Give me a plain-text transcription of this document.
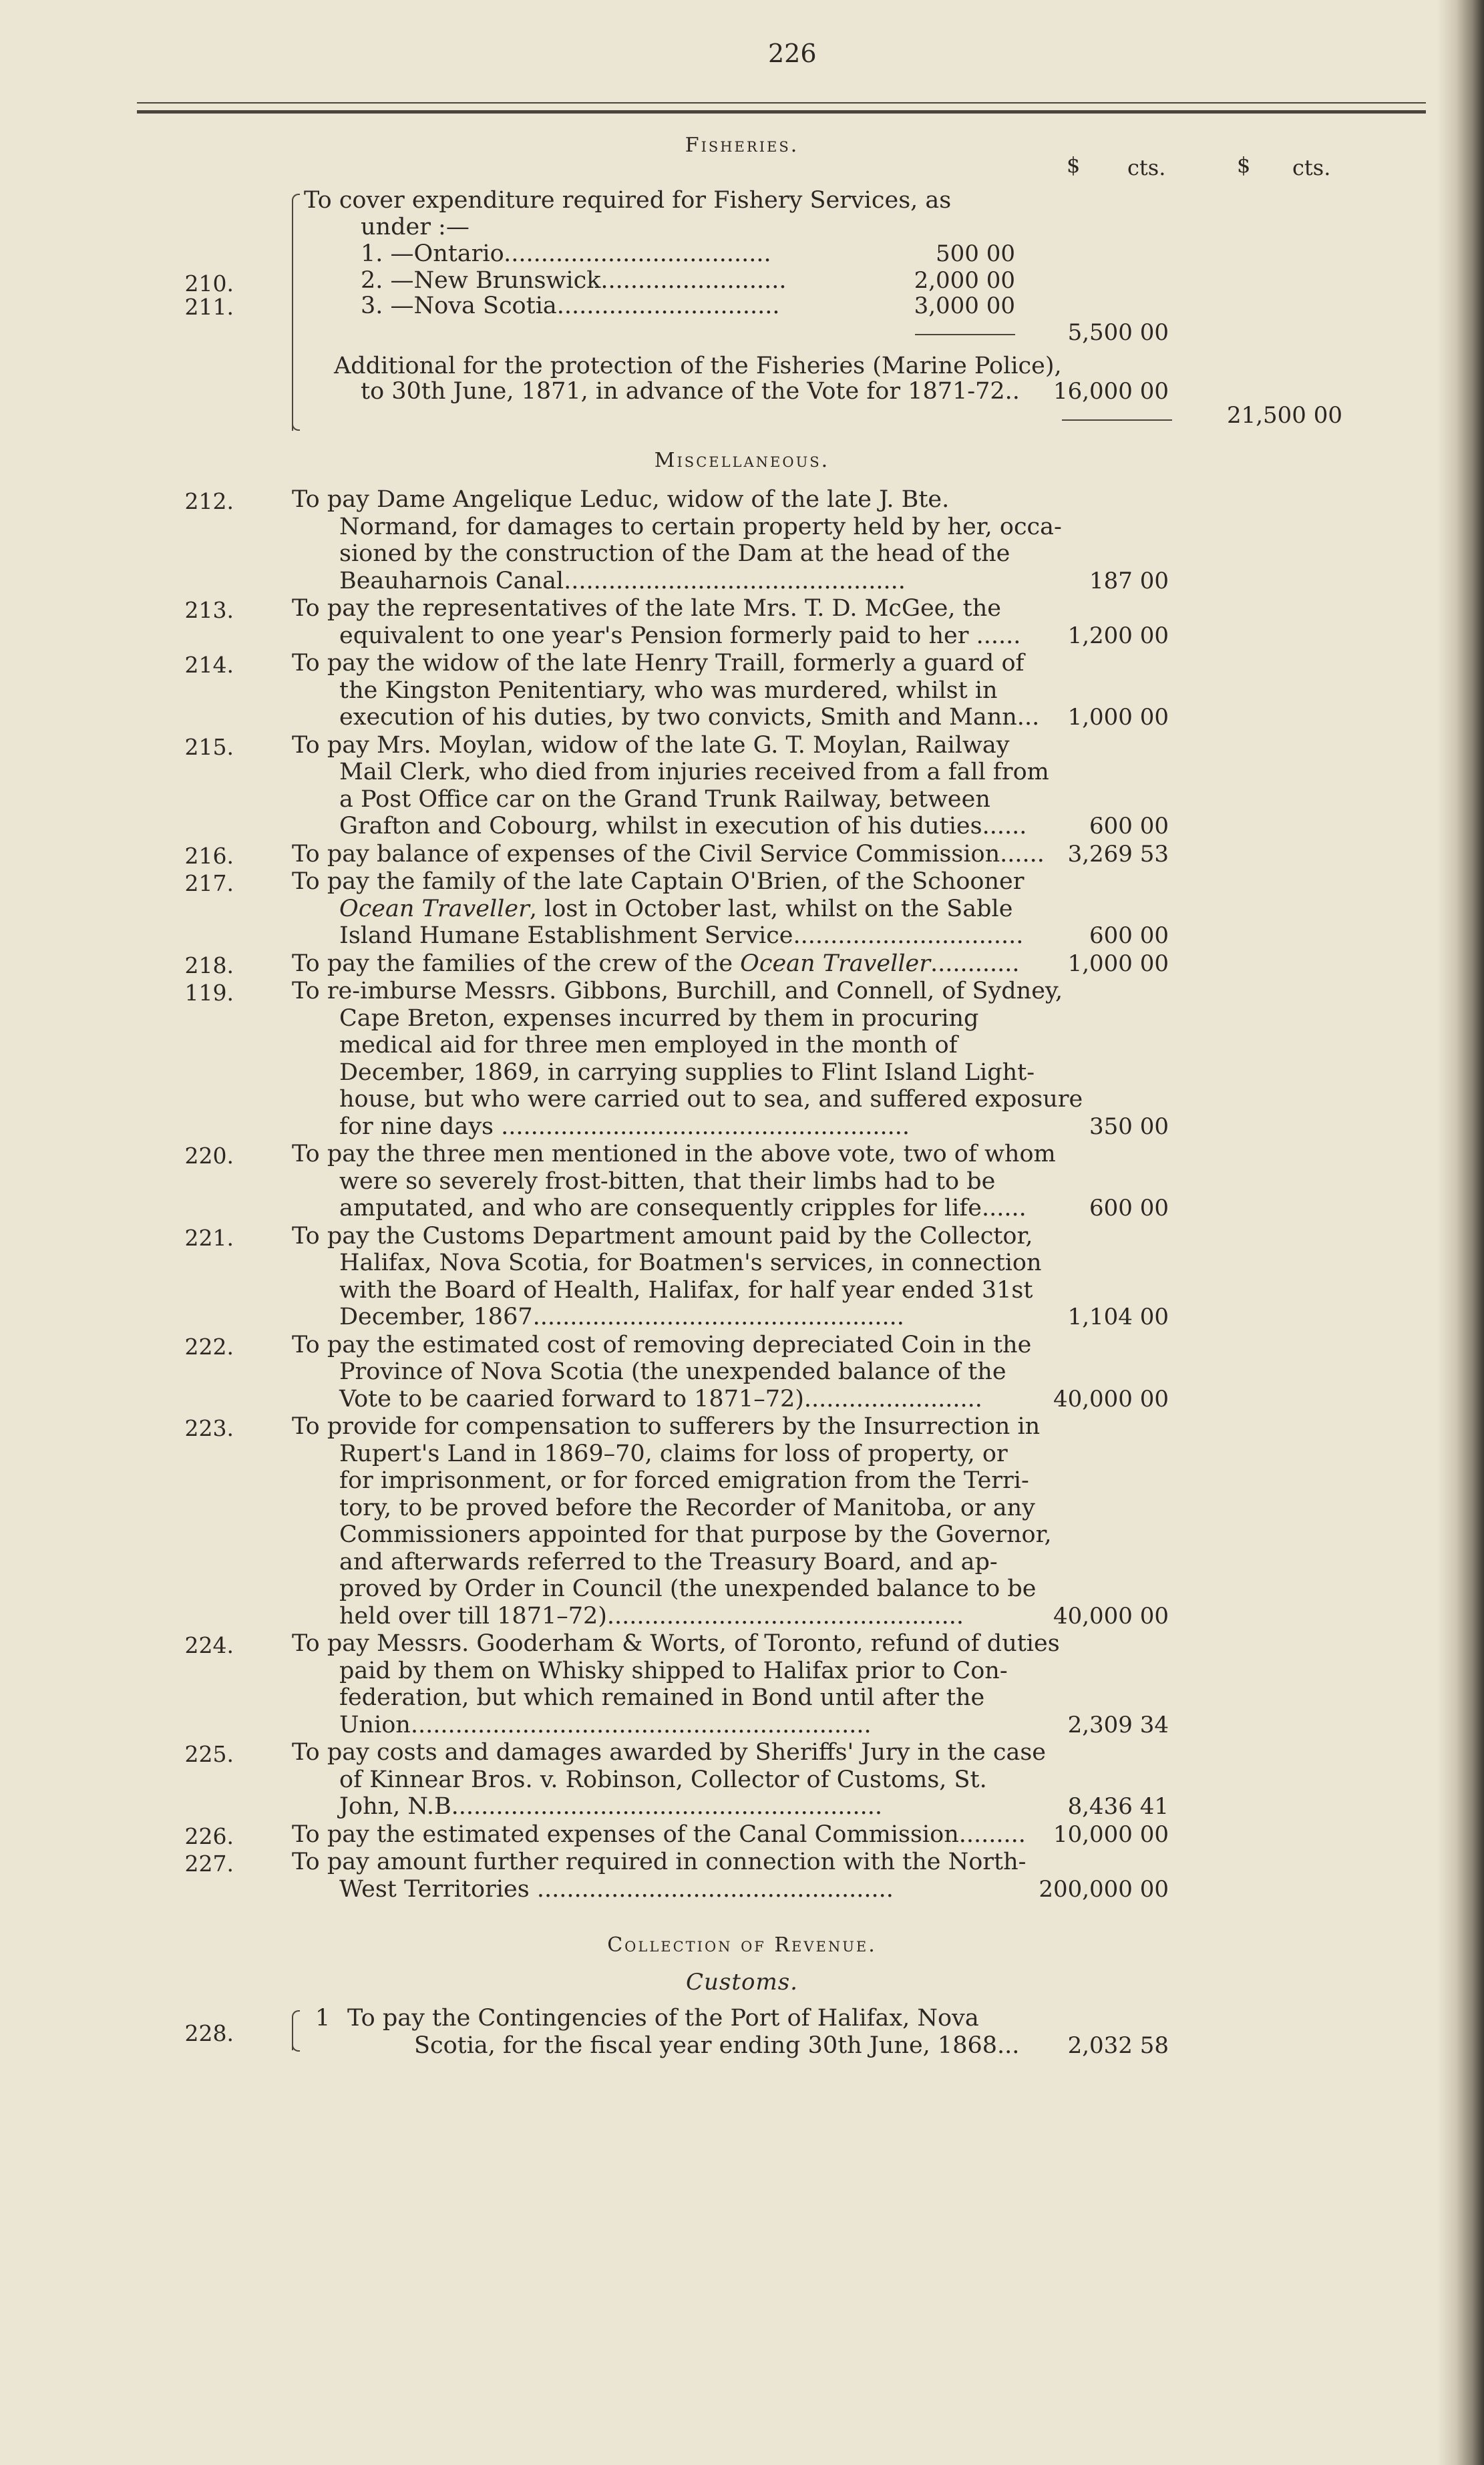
226
Fisheries.
$ cts.	$ cts.
To cover expenditure required for Fishery Services, as
under :—
1. —Ontario....................................	500 00
210.	2. —New Brunswick.........................	2,000 00
211.	3. —Nova Scotia..............................	3,000 00
5,500 00
Additional for the protection of the Fisheries (Marine Police),
to 30th June, 1871, in advance of the Vote for 1871-72..	16,000 00
21,500 00
Miscellaneous.
212. To pay Dame Angelique Leduc, widow of the late J. Bte.
Normand, for damages to certain property held by her, occa-
sioned by the construction of the Dam at the head of the
Beauharnois Canal..............................................	187 00
213. To pay the representatives of the late Mrs. T. D. McGee, the
equivalent to one year's Pension formerly paid to her ......	1,200 00
214. To pay the widow of the late Henry Traill, formerly a guard of
the Kingston Penitentiary, who was murdered, whilst in
execution of his duties, by two convicts, Smith and Mann...	1,000 00
215. To pay Mrs. Moylan, widow of the late G. T. Moylan, Railway
Mail Clerk, who died from injuries received from a fall from
a Post Office car on the Grand Trunk Railway, between
Grafton and Cobourg, whilst in execution of his duties......	600 00
216. To pay balance of expenses of the Civil Service Commission......	3,269 53
217. To pay the family of the late Captain O'Brien, of the Schooner
Ocean Traveller, lost in October last, whilst on the Sable
Island Humane Establishment Service...............................	600 00
218. To pay the families of the crew of the Ocean Traveller............	1,000 00
119. To re-imburse Messrs. Gibbons, Burchill, and Connell, of Sydney,
Cape Breton, expenses incurred by them in procuring
medical aid for three men employed in the month of
December, 1869, in carrying supplies to Flint Island Light-
house, but who were carried out to sea, and suffered exposure
for nine days .......................................................	350 00
220. To pay the three men mentioned in the above vote, two of whom
were so severely frost-bitten, that their limbs had to be
amputated, and who are consequently cripples for life......	600 00
221. To pay the Customs Department amount paid by the Collector,
Halifax, Nova Scotia, for Boatmen's services, in connection
with the Board of Health, Halifax, for half year ended 31st
December, 1867..................................................	1,104 00
222. To pay the estimated cost of removing depreciated Coin in the
Province of Nova Scotia (the unexpended balance of the
Vote to be caaried forward to 1871–72)........................	40,000 00
223. To provide for compensation to sufferers by the Insurrection in
Rupert's Land in 1869–70, claims for loss of property, or
for imprisonment, or for forced emigration from the Terri-
tory, to be proved before the Recorder of Manitoba, or any
Commissioners appointed for that purpose by the Governor,
and afterwards referred to the Treasury Board, and ap-
proved by Order in Council (the unexpended balance to be
held over till 1871–72)................................................	40,000 00
224. To pay Messrs. Gooderham & Worts, of Toronto, refund of duties
paid by them on Whisky shipped to Halifax prior to Con-
federation, but which remained in Bond until after the
Union..............................................................	2,309 34
225. To pay costs and damages awarded by Sheriffs' Jury in the case
of Kinnear Bros. v. Robinson, Collector of Customs, St.
John, N.B..........................................................	8,436 41
226. To pay the estimated expenses of the Canal Commission.........	10,000 00
227. To pay amount further required in connection with the North-
West Territories ................................................	200,000 00
Collection of Revenue.
Customs.
228.
1 To pay the Contingencies of the Port of Halifax, Nova
Scotia, for the fiscal year ending 30th June, 1868...	2,032 58
